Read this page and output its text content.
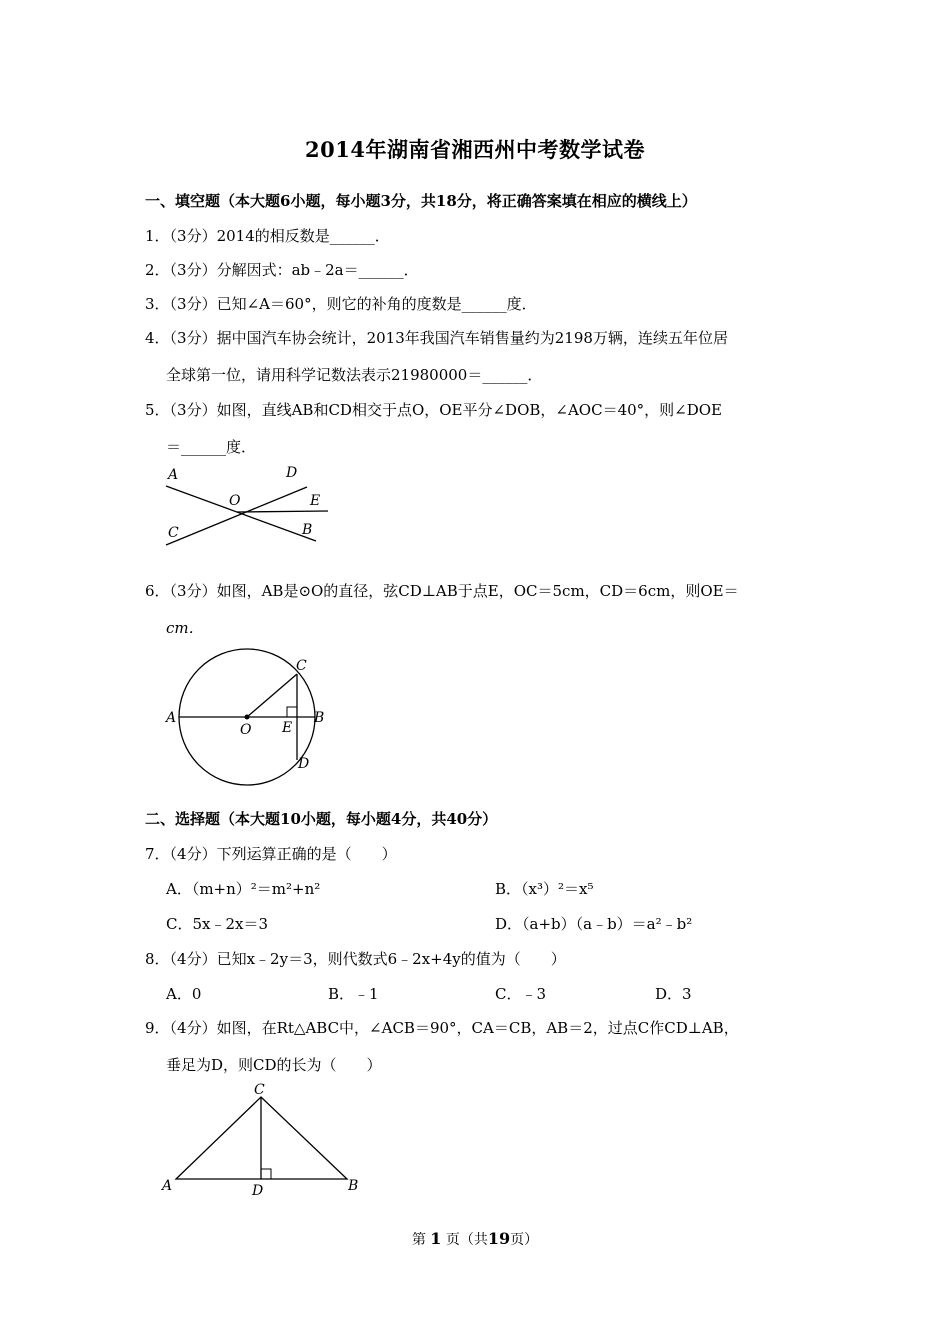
2014年湖南省湘西州中考数学试卷
一、填空题（本大题6小题，每小题3分，共18分，将正确答案填在相应的横线上）
1．（3分）2014的相反数是______．
2．（3分）分解因式：ab﹣2a＝______．
3．（3分）已知∠A＝60°，则它的补角的度数是______度．
4．（3分）据中国汽车协会统计，2013年我国汽车销售量约为2198万辆，连续五年位居
全球第一位，请用科学记数法表示21980000＝______．
5．（3分）如图，直线AB和CD相交于点O，OE平分∠DOB，∠AOC＝40°，则∠DOE
＝______度．
A	D
O	E
C	B
6．（3分）如图，AB是⊙O的直径，弦CD⊥AB于点E，OC＝5cm，CD＝6cm，则OE＝
cm．
A
O E
B
C
D
二、选择题（本大题10小题，每小题4分，共40分）
7．（4分）下列运算正确的是（　　）
A．（m+n）²＝m²+n²	B．（x³）²＝x⁵
C．5x﹣2x＝3	D．（a+b）（a﹣b）＝a²﹣b²
8．（4分）已知x﹣2y＝3，则代数式6﹣2x+4y的值为（　　）
A．0	B．﹣1	C．﹣3	D．3
9．（4分）如图，在Rt△ABC中，∠ACB＝90°，CA＝CB，AB＝2，过点C作CD⊥AB，
垂足为D，则CD的长为（　　）
C
A	D	B
第 1 页（共19页）
